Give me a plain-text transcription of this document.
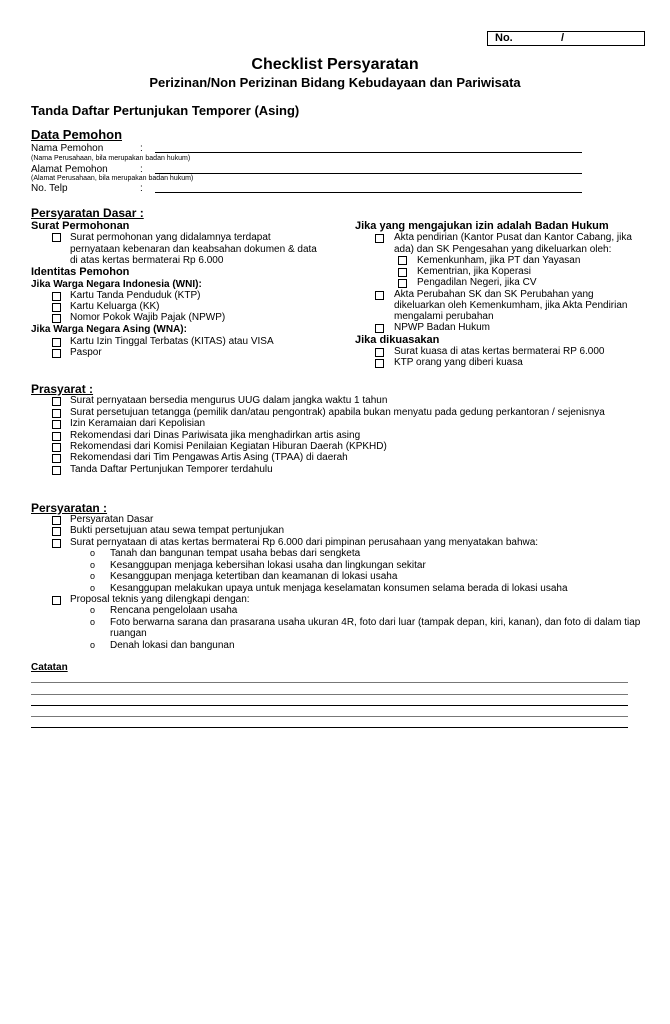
No.	/
Checklist Persyaratan
Perizinan/Non Perizinan Bidang Kebudayaan dan Pariwisata
Tanda Daftar Pertunjukan Temporer (Asing)
Data Pemohon
Nama Pemohon	:
(Nama Perusahaan, bila merupakan badan hukum)
Alamat Pemohon	:
(Alamat Perusahaan, bila merupakan badan hukum)
No. Telp	:
Persyaratan Dasar :
Surat Permohonan
Surat permohonan yang didalamnya terdapat
pernyataan kebenaran dan keabsahan dokumen & data
di atas kertas bermaterai Rp 6.000
Identitas Pemohon
Jika Warga Negara Indonesia (WNI):
Kartu Tanda Penduduk (KTP)
Kartu Keluarga (KK)
Nomor Pokok Wajib Pajak (NPWP)
Jika Warga Negara Asing (WNA):
Kartu Izin Tinggal Terbatas (KITAS) atau VISA
Paspor
Jika yang mengajukan izin adalah Badan Hukum
Akta pendirian (Kantor Pusat dan Kantor Cabang, jika
ada) dan SK Pengesahan yang dikeluarkan oleh:
Kemenkunham, jika PT dan Yayasan
Kementrian, jika Koperasi
Pengadilan Negeri, jika CV
Akta Perubahan SK dan SK Perubahan yang
dikeluarkan oleh Kemenkumham, jika Akta Pendirian
mengalami perubahan
NPWP Badan Hukum
Jika dikuasakan
Surat kuasa di atas kertas bermaterai RP 6.000
KTP orang yang diberi kuasa
Prasyarat :
Surat pernyataan bersedia mengurus UUG dalam jangka waktu 1 tahun
Surat persetujuan tetangga (pemilik dan/atau pengontrak) apabila bukan menyatu pada gedung perkantoran / sejenisnya
Izin Keramaian dari Kepolisian
Rekomendasi dari Dinas Pariwisata jika menghadirkan artis asing
Rekomendasi dari Komisi Penilaian Kegiatan Hiburan Daerah (KPKHD)
Rekomendasi dari Tim Pengawas Artis Asing (TPAA) di daerah
Tanda Daftar Pertunjukan Temporer terdahulu
Persyaratan :
Persyaratan Dasar
Bukti persetujuan atau sewa tempat pertunjukan
Surat pernyataan di atas kertas bermaterai Rp 6.000 dari pimpinan perusahaan yang menyatakan bahwa:
o Tanah dan bangunan tempat usaha bebas dari sengketa
o Kesanggupan menjaga kebersihan lokasi usaha dan lingkungan sekitar
o Kesanggupan menjaga ketertiban dan keamanan di lokasi usaha
o Kesanggupan melakukan upaya untuk menjaga keselamatan konsumen selama berada di lokasi usaha
Proposal teknis yang dilengkapi dengan:
o Rencana pengelolaan usaha
o Foto berwarna sarana dan prasarana usaha ukuran 4R, foto dari luar (tampak depan, kiri, kanan), dan foto di dalam tiap
ruangan
o Denah lokasi dan bangunan
Catatan
